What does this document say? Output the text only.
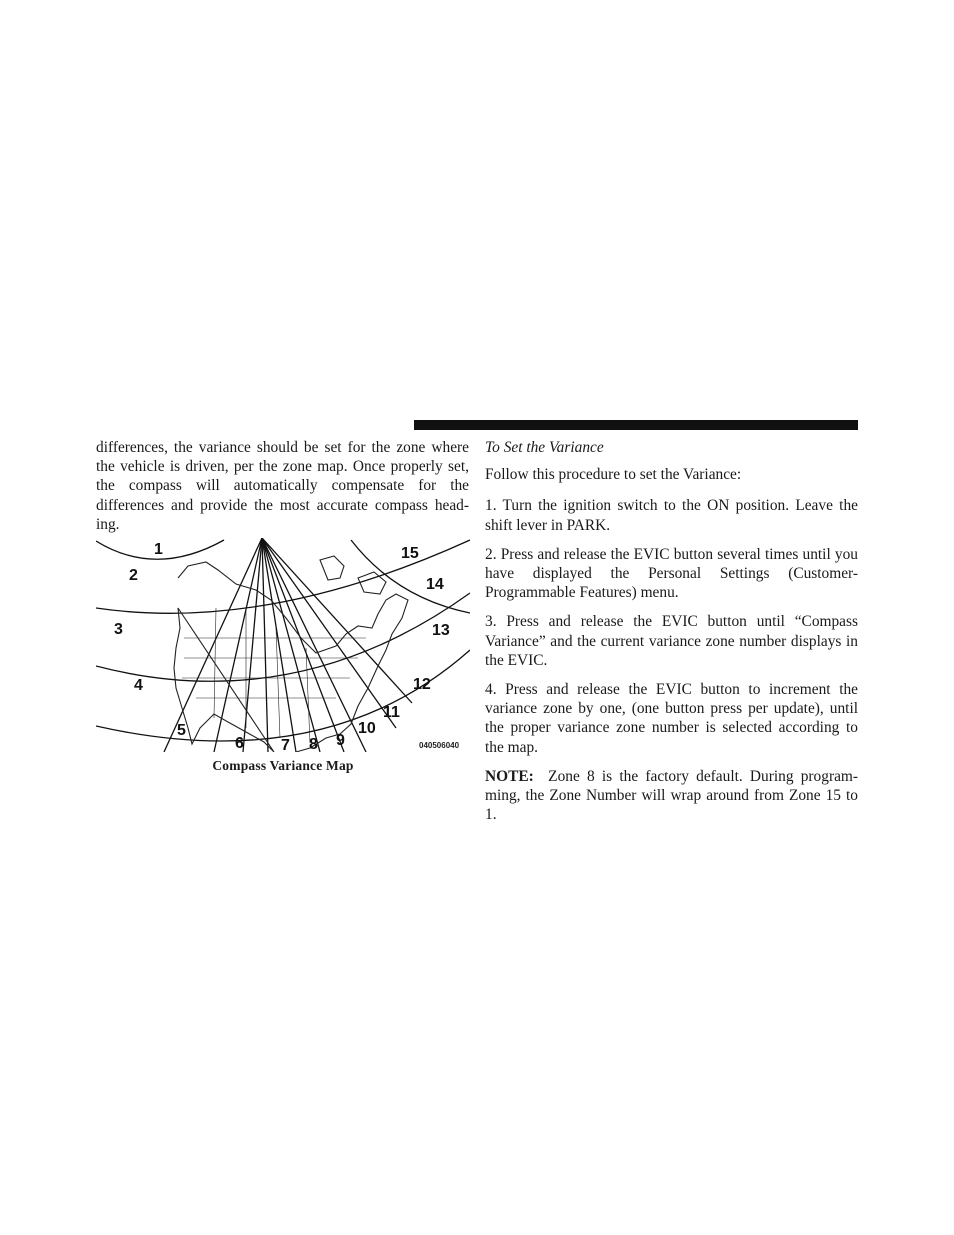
differences, the variance should be set for the zone where the vehicle is driven, per the zone map. Once properly set, the compass will automatically compensate for the differences and provide the most accurate compass head-ing.

1
2
3
4
5
6 7 8 9
10
11
12
13
14
15
040506040
Compass Variance Map

To Set the Variance

Follow this procedure to set the Variance:

1. Turn the ignition switch to the ON position. Leave the shift lever in PARK.

2. Press and release the EVIC button several times until you have displayed the Personal Settings (Customer-Programmable Features) menu.

3. Press and release the EVIC button until “Compass Variance” and the current variance zone number displays in the EVIC.

4. Press and release the EVIC button to increment the variance zone by one, (one button press per update), until the proper variance zone number is selected according to the map.

NOTE: Zone 8 is the factory default. During program-ming, the Zone Number will wrap around from Zone 15 to 1.
